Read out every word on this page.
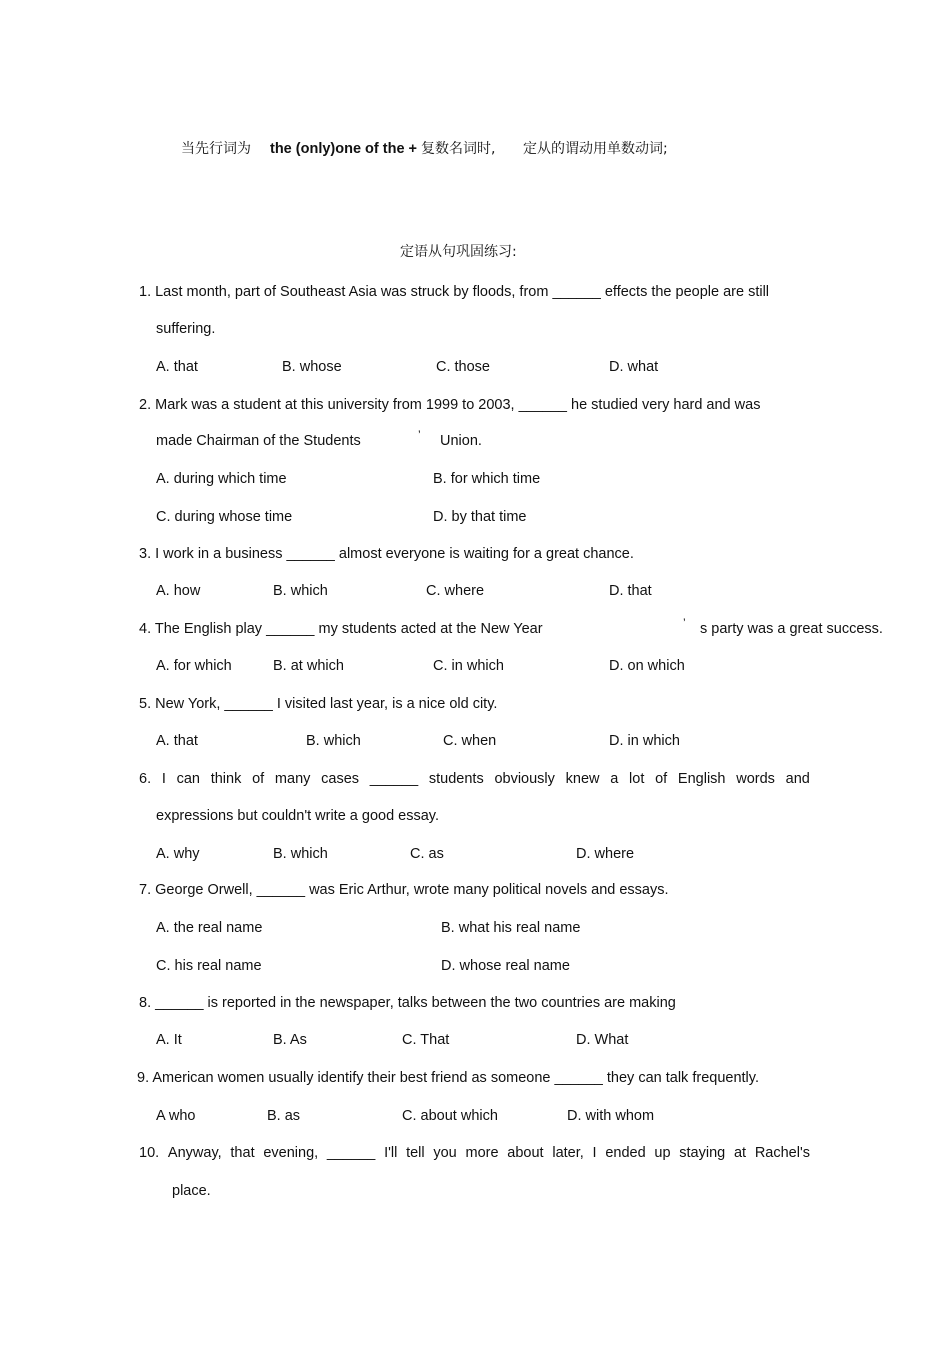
当先行词为 the (only)one of the + 复数名词时, 定从的谓动用单数动词;
定语从句巩固练习:
1. Last month, part of Southeast Asia was struck by floods, from ______ effects the people are still
suffering.
A. that	B. whose	C. those	D. what
2. Mark was a student at this university from 1999 to 2003, ______ he studied very hard and was
made Chairman of the Students	’ Union.
A. during which time	B. for which time
C. during whose time	D. by that time
3. I work in a business ______ almost everyone is waiting for a great chance.
A. how	B. which	C. where	D. that
4. The English play ______ my students acted at the New Year	’ s party was a great success.
A. for which	B. at which	C. in which	D. on which
5. New York, ______ I visited last year, is a nice old city.
A. that	B. which	C. when	D. in which
6. I can think of many cases ______ students obviously knew a lot of English words and
expressions but couldn't write a good essay.
A. why	B. which	C. as	D. where
7. George Orwell, ______ was Eric Arthur, wrote many political novels and essays.
A. the real name	B. what his real name
C. his real name	D. whose real name
8. ______ is reported in the newspaper, talks between the two countries are making
A. It	B. As	C. That	D. What
9. American women usually identify their best friend as someone ______ they can talk frequently.
A who	B. as	C. about which	D. with whom
10. Anyway, that evening, ______ I'll tell you more about later, I ended up staying at Rachel's
place.
